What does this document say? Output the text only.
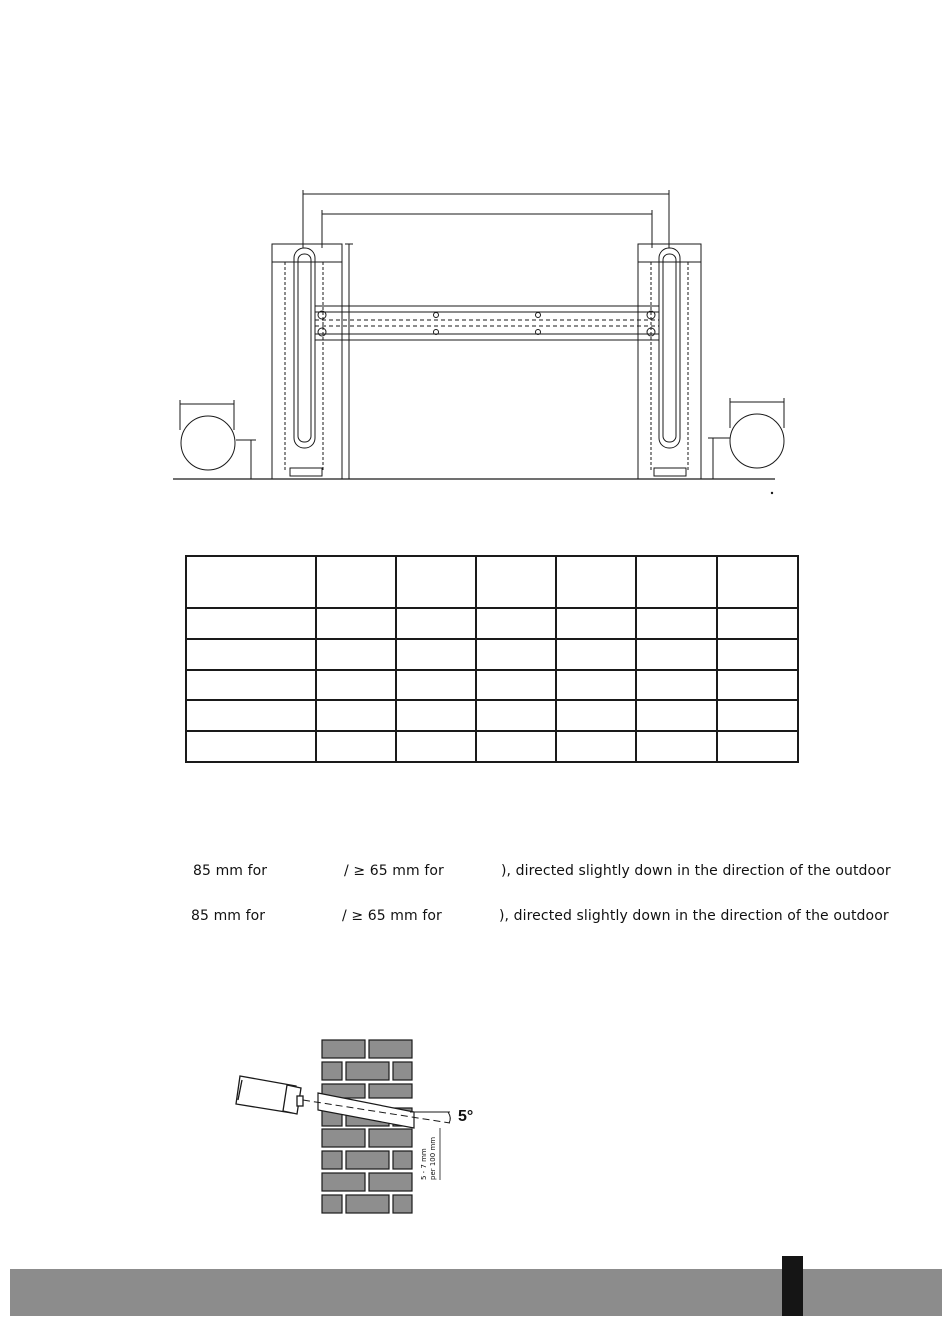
85 mm for	/ ≥ 65 mm for	), directed slightly down in the direction of the outdoor
85 mm for	/ ≥ 65 mm for	), directed slightly down in the direction of the outdoor
5°
5 - 7 mm per 100 mm
